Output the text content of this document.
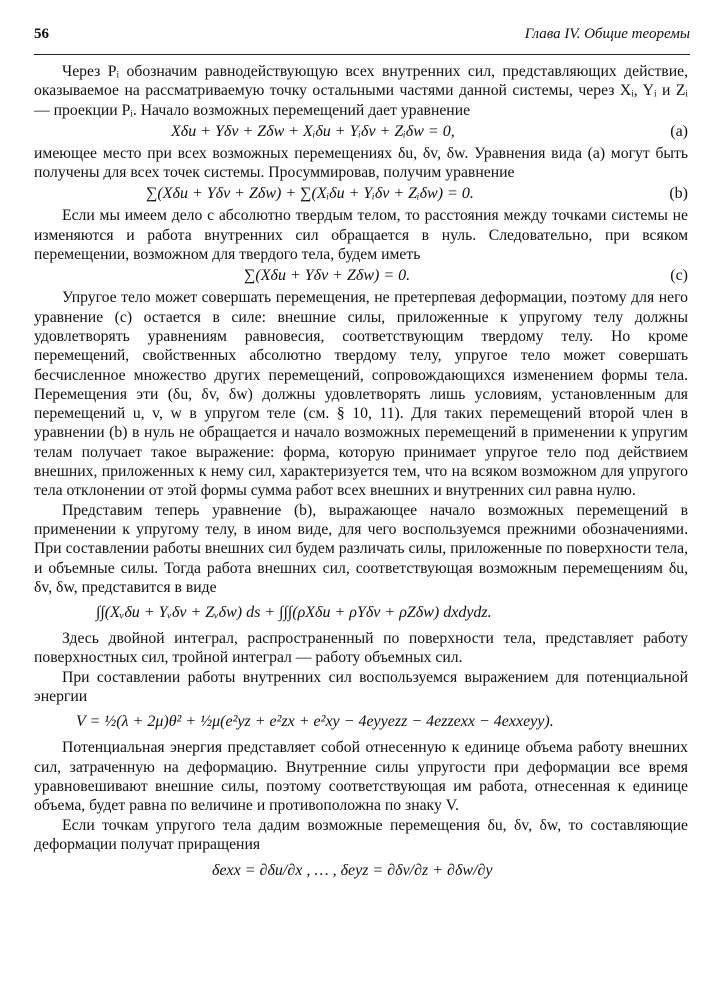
56	Глава IV. Общие теоремы

Через Pᵢ обозначим равнодействующую всех внутренних сил, представляющих действие, оказываемое на рассматриваемую точку остальными частями данной системы, через Xᵢ, Yᵢ и Zᵢ — проекции Pᵢ. Начало возможных перемещений дает уравнение

Xδu + Yδv + Zδw + Xᵢδu + Yᵢδv + Zᵢδw = 0,	(a)

имеющее место при всех возможных перемещениях δu, δv, δw. Уравнения вида (a) могут быть получены для всех точек системы. Просуммировав, получим уравнение

∑(Xδu + Yδv + Zδw) + ∑(Xᵢδu + Yᵢδv + Zᵢδw) = 0.	(b)

Если мы имеем дело с абсолютно твердым телом, то расстояния между точками системы не изменяются и работа внутренних сил обращается в нуль. Следовательно, при всяком перемещении, возможном для твердого тела, будем иметь

∑(Xδu + Yδv + Zδw) = 0.	(c)

Упругое тело может совершать перемещения, не претерпевая деформации, поэтому для него уравнение (c) остается в силе: внешние силы, приложенные к упругому телу должны удовлетворять уравнениям равновесия, соответствующим твердому телу. Но кроме перемещений, свойственных абсолютно твердому телу, упругое тело может совершать бесчисленное множество других перемещений, сопровождающихся изменением формы тела. Перемещения эти (δu, δv, δw) должны удовлетворять лишь условиям, установленным для перемещений u, v, w в упругом теле (см. § 10, 11). Для таких перемещений второй член в уравнении (b) в нуль не обращается и начало возможных перемещений в применении к упругим телам получает такое выражение: форма, которую принимает упругое тело под действием внешних, приложенных к нему сил, характеризуется тем, что на всяком возможном для упругого тела отклонении от этой формы сумма работ всех внешних и внутренних сил равна нулю.

Представим теперь уравнение (b), выражающее начало возможных перемещений в применении к упругому телу, в ином виде, для чего воспользуемся прежними обозначениями. При составлении работы внешних сил будем различать силы, приложенные по поверхности тела, и объемные силы. Тогда работа внешних сил, соответствующая возможным перемещениям δu, δv, δw, представится в виде

∫∫(Xᵥδu + Yᵥδv + Zᵥδw) ds + ∫∫∫(ρXδu + ρYδv + ρZδw) dxdydz.

Здесь двойной интеграл, распространенный по поверхности тела, представляет работу поверхностных сил, тройной интеграл — работу объемных сил.

При составлении работы внутренних сил воспользуемся выражением для потенциальной энергии

V = ½(λ + 2μ)θ² + ½μ(e²yz + e²zx + e²xy − 4eyyezz − 4ezzexx − 4exxeyy).

Потенциальная энергия представляет собой отнесенную к единице объема работу внешних сил, затраченную на деформацию. Внутренние силы упругости при деформации все время уравновешивают внешние силы, поэтому соответствующая им работа, отнесенная к единице объема, будет равна по величине и противоположна по знаку V.

Если точкам упругого тела дадим возможные перемещения δu, δv, δw, то составляющие деформации получат приращения

δexx = ∂δu/∂x , … , δeyz = ∂δv/∂z + ∂δw/∂y
